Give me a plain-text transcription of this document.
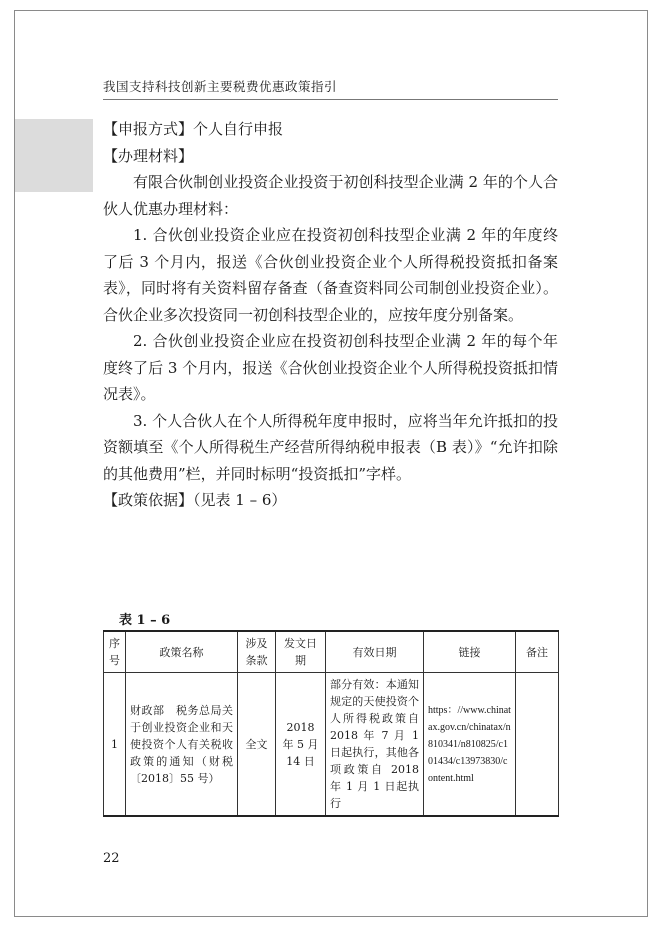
我国支持科技创新主要税费优惠政策指引

【申报方式】个人自行申报

【办理材料】

有限合伙制创业投资企业投资于初创科技型企业满 2 年的个人合伙人优惠办理材料：

1. 合伙创业投资企业应在投资初创科技型企业满 2 年的年度终了后 3 个月内，报送《合伙创业投资企业个人所得税投资抵扣备案表》，同时将有关资料留存备查（备查资料同公司制创业投资企业）。合伙企业多次投资同一初创科技型企业的，应按年度分别备案。

2. 合伙创业投资企业应在投资初创科技型企业满 2 年的每个年度终了后 3 个月内，报送《合伙创业投资企业个人所得税投资抵扣情况表》。

3. 个人合伙人在个人所得税年度申报时，应将当年允许抵扣的投资额填至《个人所得税生产经营所得纳税申报表（B 表）》“允许扣除的其他费用”栏，并同时标明“投资抵扣”字样。

【政策依据】（见表 1 – 6）

表 1 – 6
序号	政策名称	涉及条款	发文日期	有效日期	链接	备注
1	财政部　税务总局关于创业投资企业和天使投资个人有关税收政策的通知（财税〔2018〕55 号）	全文	2018 年 5 月 14 日	部分有效：本通知规定的天使投资个人所得税政策自 2018 年 7 月 1 日起执行，其他各项政策自 2018 年 1 月 1 日起执行	https：//www.chinatax.gov.cn/chinatax/n810341/n810825/c101434/c13973830/content.html	
22
